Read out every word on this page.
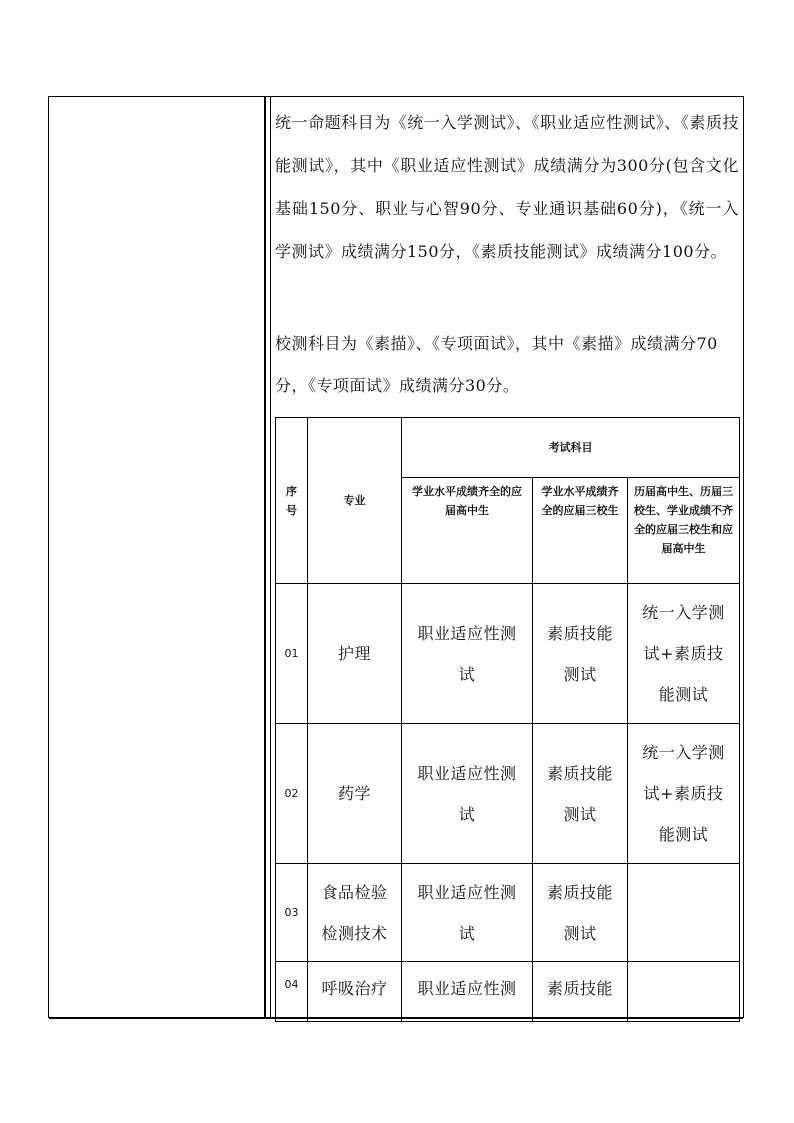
统一命题科目为《统一入学测试》、《职业适应性测试》、《素质技能测试》，其中《职业适应性测试》成绩满分为300分(包含文化基础150分、职业与心智90分、专业通识基础60分)，《统一入学测试》成绩满分150分，《素质技能测试》成绩满分100分。
校测科目为《素描》、《专项面试》，其中《素描》成绩满分70分，《专项面试》成绩满分30分。
序号	专业	考试科目		

		学业水平成绩齐全的应届高中生	学业水平成绩齐全的应届三校生	历届高中生、历届三校生、学业成绩不齐全的应届三校生和应届高中生

01	护理	职业适应性测试	素质技能测试	统一入学测试+素质技能测试

02	药学	职业适应性测试	素质技能测试	统一入学测试+素质技能测试

03	食品检验检测技术	职业适应性测试	素质技能测试	

04	呼吸治疗	职业适应性测	素质技能	
